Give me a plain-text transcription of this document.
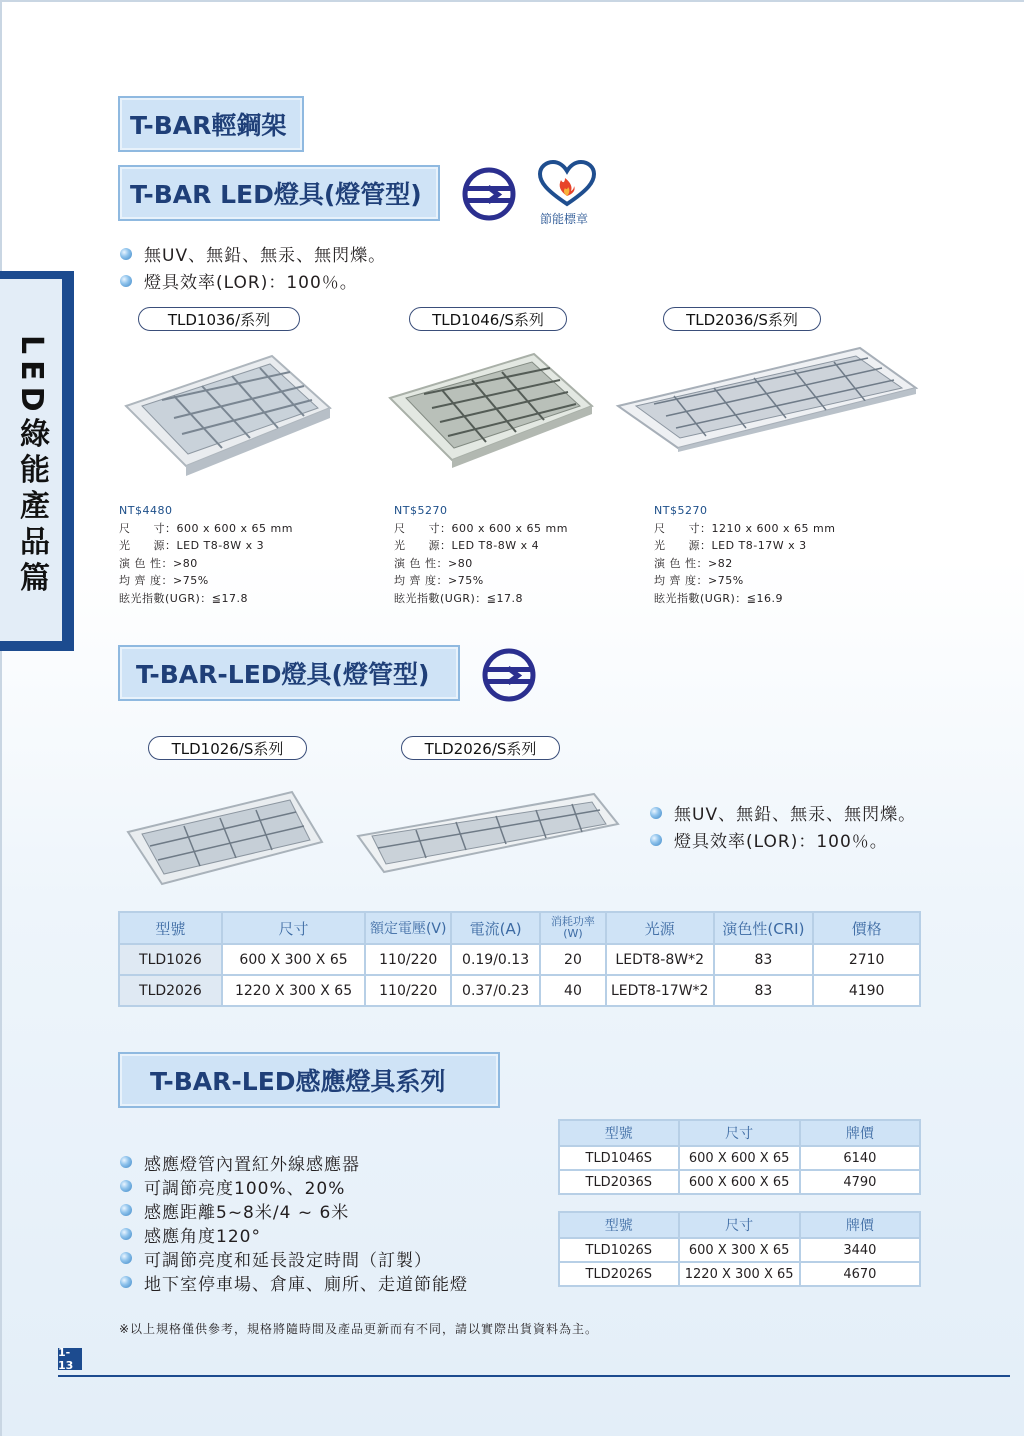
LED綠能產品篇
T-BAR輕鋼架
T-BAR LED燈具(燈管型)
節能標章
無UV、無鉛、無汞、無閃爍。
燈具效率(LOR)：100％。
TLD1036/系列	TLD1046/S系列	TLD2036/S系列
NT$4480
尺　　寸：600 x 600 x 65 mm
光　　源：LED T8-8W x 3
演 色 性：>80
均 齊 度：>75%
眩光指數(UGR)：≦17.8
NT$5270
尺　　寸：600 x 600 x 65 mm
光　　源：LED T8-8W x 4
演 色 性：>80
均 齊 度：>75%
眩光指數(UGR)：≦17.8
NT$5270
尺　　寸：1210 x 600 x 65 mm
光　　源：LED T8-17W x 3
演 色 性：>82
均 齊 度：>75%
眩光指數(UGR)：≦16.9
T-BAR-LED燈具(燈管型)
TLD1026/S系列	TLD2026/S系列
無UV、無鉛、無汞、無閃爍。
燈具效率(LOR)：100％。
型號	尺寸	額定電壓(V)	電流(A)	消耗功率(W)	光源	演色性(CRI)	價格
TLD1026	600 X 300 X 65	110/220	0.19/0.13	20	LEDT8-8W*2	83	2710
TLD2026	1220 X 300 X 65	110/220	0.37/0.23	40	LEDT8-17W*2	83	4190
T-BAR-LED感應燈具系列
感應燈管內置紅外線感應器
可調節亮度100%、20%
感應距離5~8米/4 ~ 6米
感應角度120°
可調節亮度和延長設定時間（訂製）
地下室停車場、倉庫、廁所、走道節能燈
型號	尺寸	牌價
TLD1046S	600 X 600 X 65	6140
TLD2036S	600 X 600 X 65	4790
型號	尺寸	牌價
TLD1026S	600 X 300 X 65	3440
TLD2026S	1220 X 300 X 65	4670
※以上規格僅供參考，規格將隨時間及產品更新而有不同，請以實際出貨資料為主。
1-13
